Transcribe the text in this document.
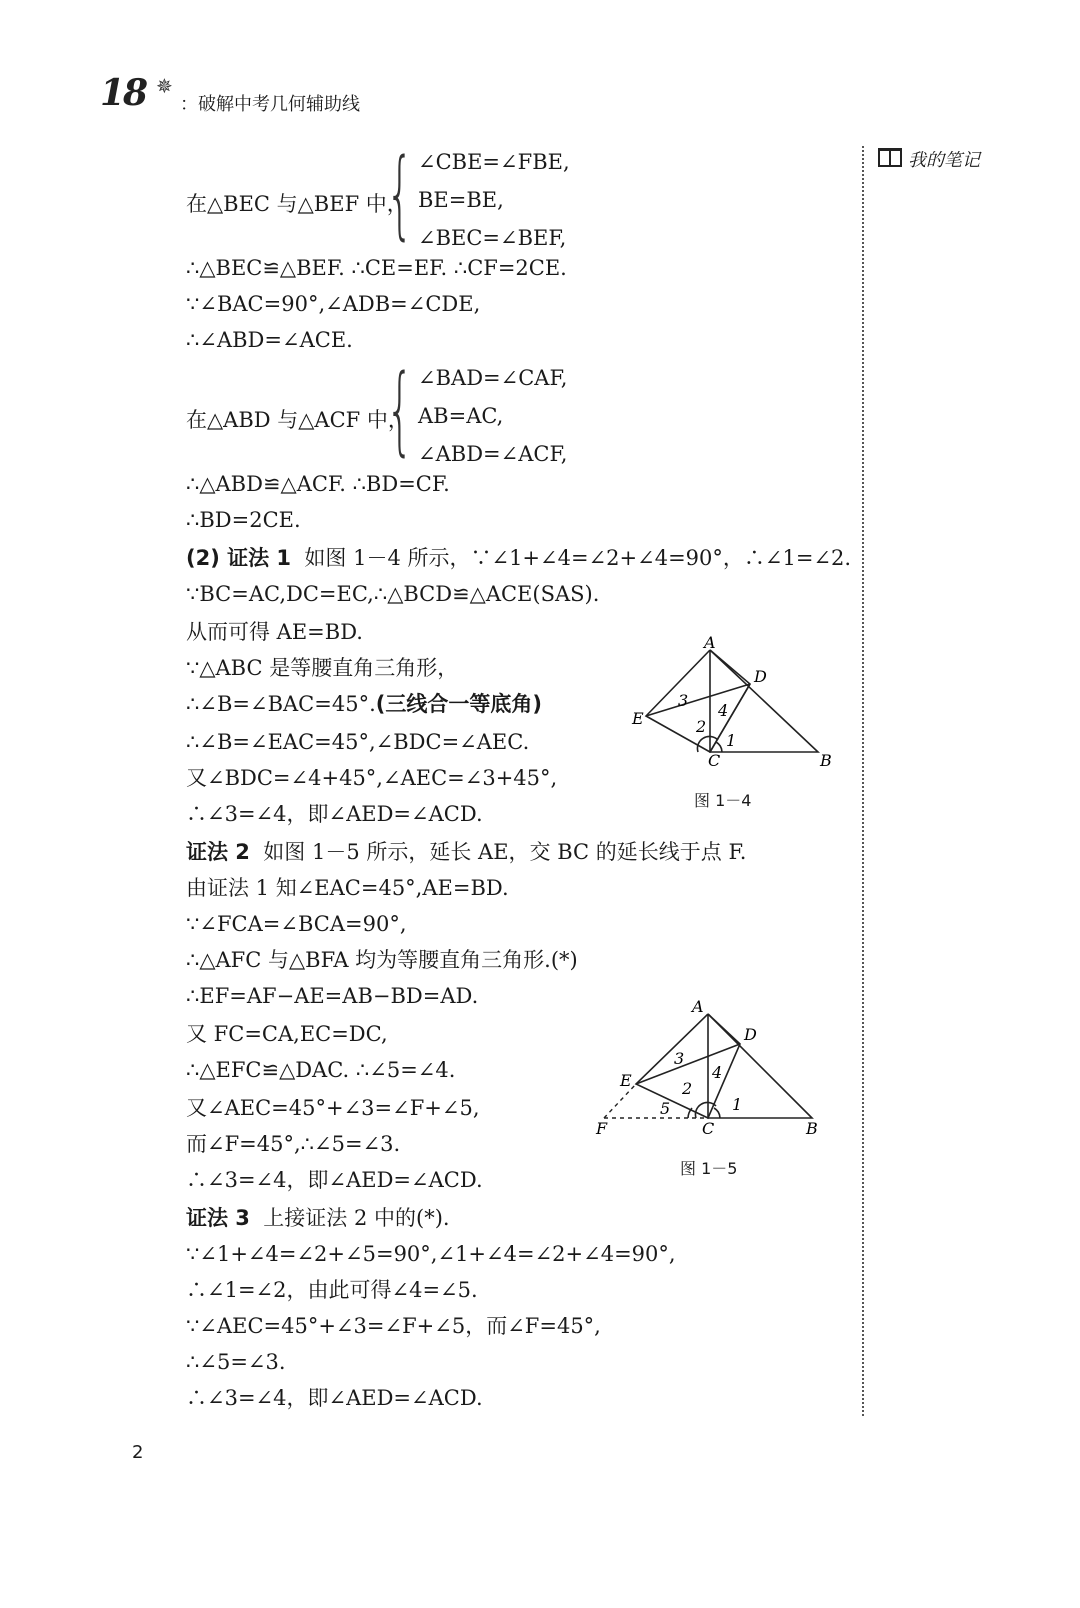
18 ✵
：破解中考几何辅助线
我的笔记
在△BEC 与△BEF 中，
{ ∠CBE=∠FBE,
BE=BE,
∠BEC=∠BEF,
∴△BEC≌△BEF. ∴CE=EF. ∴CF=2CE.
∵∠BAC=90°,∠ADB=∠CDE,
∴∠ABD=∠ACE.
在△ABD 与△ACF 中，
{ ∠BAD=∠CAF,
AB=AC,
∠ABD=∠ACF,
∴△ABD≌△ACF. ∴BD=CF.
∴BD=2CE.
(2) 证法 1 如图 1－4 所示，∵∠1+∠4=∠2+∠4=90°，∴∠1=∠2.
∵BC=AC,DC=EC,∴△BCD≌△ACE(SAS).
从而可得 AE=BD.
∵△ABC 是等腰直角三角形，
∴∠B=∠BAC=45°.(三线合一等底角)
∴∠B=∠EAC=45°,∠BDC=∠AEC.
又∠BDC=∠4+45°,∠AEC=∠3+45°,
∴∠3=∠4，即∠AED=∠ACD.
A
B
C
D
E
1
2
3
4
图 1－4
证法 2 如图 1－5 所示，延长 AE，交 BC 的延长线于点 F.
由证法 1 知∠EAC=45°,AE=BD.
∵∠FCA=∠BCA=90°,
∴△AFC 与△BFA 均为等腰直角三角形.(*)
∴EF=AF−AE=AB−BD=AD.
又 FC=CA,EC=DC,
∴△EFC≌△DAC. ∴∠5=∠4.
又∠AEC=45°+∠3=∠F+∠5,
而∠F=45°,∴∠5=∠3.
∴∠3=∠4，即∠AED=∠ACD.
A
B
C
D
E
F
1
2
3
4
5
图 1－5
证法 3 上接证法 2 中的(*).
∵∠1+∠4=∠2+∠5=90°,∠1+∠4=∠2+∠4=90°,
∴∠1=∠2，由此可得∠4=∠5.
∵∠AEC=45°+∠3=∠F+∠5，而∠F=45°,
∴∠5=∠3.
∴∠3=∠4，即∠AED=∠ACD.
2
